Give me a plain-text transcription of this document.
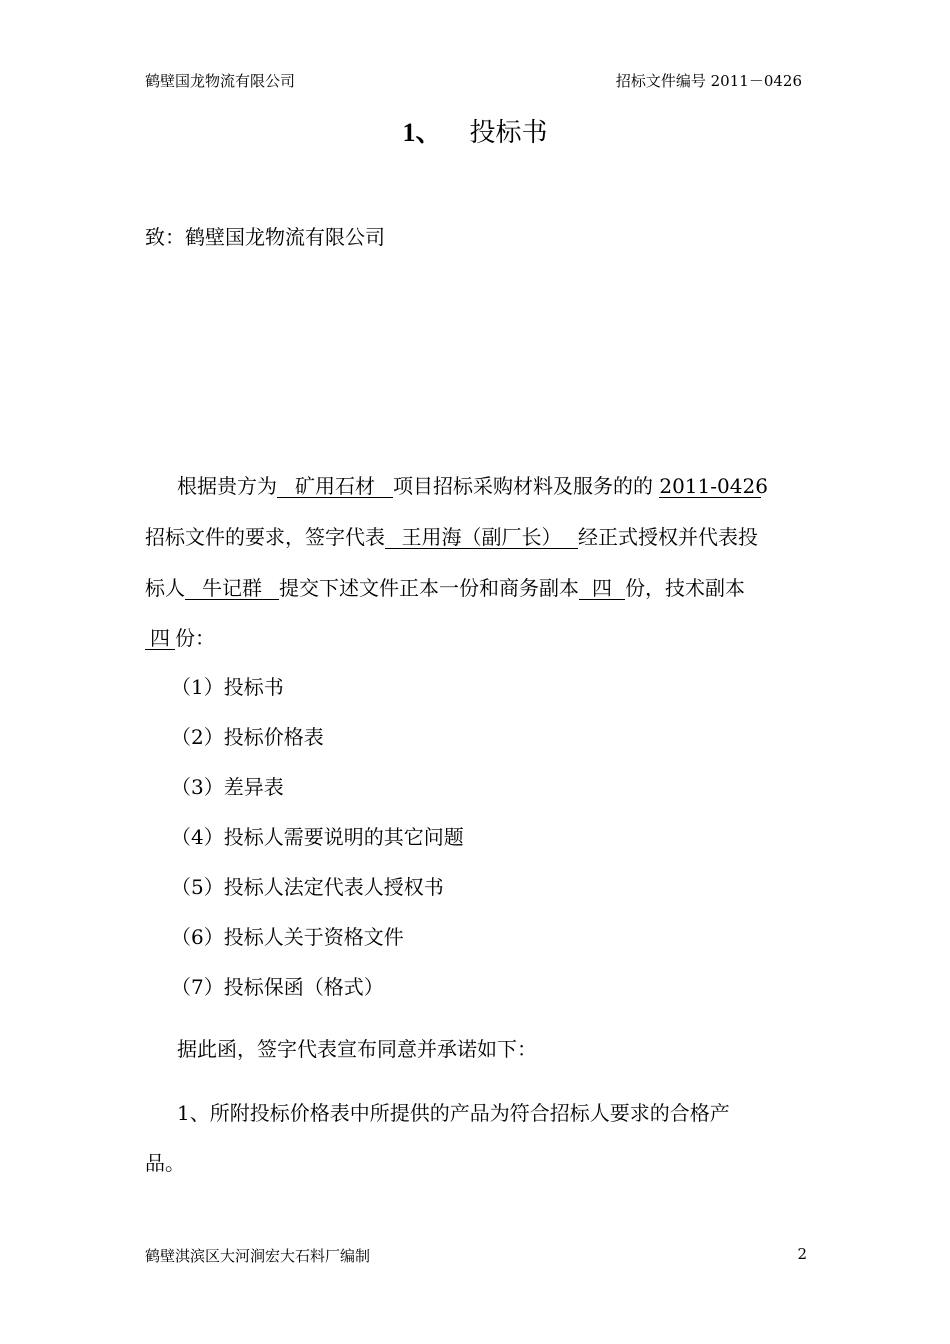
鹤壁国龙物流有限公司	招标文件编号 2011－0426
1、 投标书
致：鹤壁国龙物流有限公司
根据贵方为 矿用石材 项目招标采购材料及服务的的 2011-0426
招标文件的要求，签字代表 王用海（副厂长） 经正式授权并代表投
标人 牛记群 提交下述文件正本一份和商务副本 四 份，技术副本
四 份：
（1）投标书
（2）投标价格表
（3）差异表
（4）投标人需要说明的其它问题
（5）投标人法定代表人授权书
（6）投标人关于资格文件
（7）投标保函（格式）
据此函，签字代表宣布同意并承诺如下：
1、所附投标价格表中所提供的产品为符合招标人要求的合格产
品。
鹤壁淇滨区大河涧宏大石料厂编制	2
